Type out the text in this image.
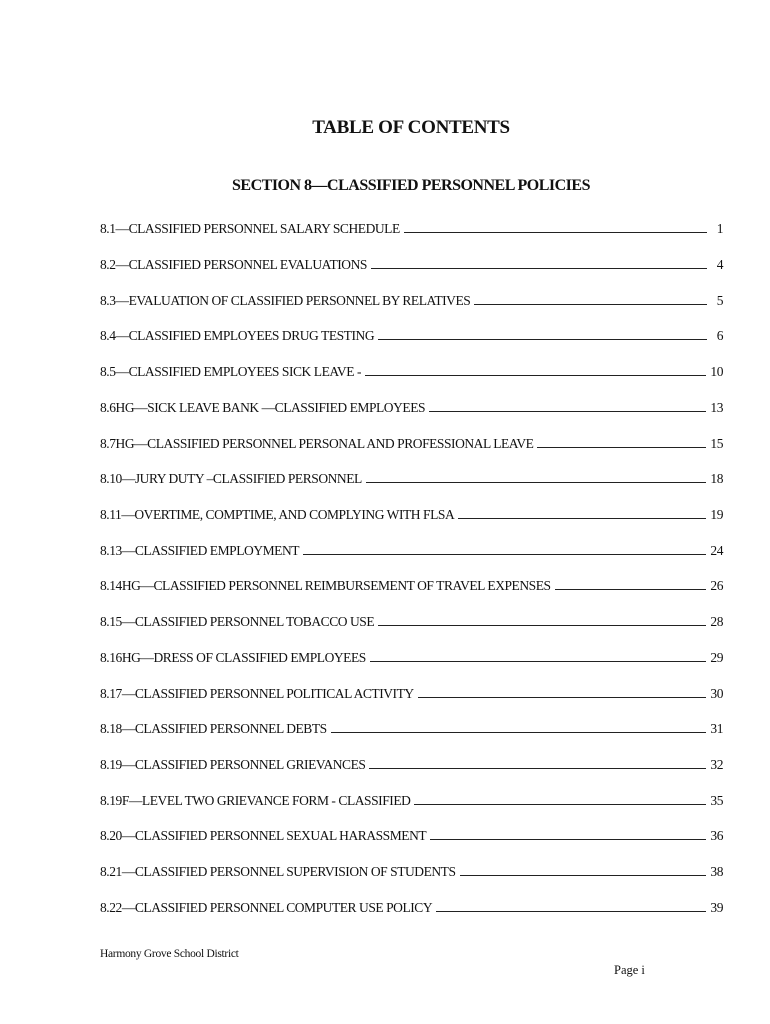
TABLE OF CONTENTS
SECTION 8—CLASSIFIED PERSONNEL POLICIES
8.1—CLASSIFIED PERSONNEL SALARY SCHEDULE	1
8.2—CLASSIFIED PERSONNEL EVALUATIONS	4
8.3—EVALUATION OF CLASSIFIED PERSONNEL BY RELATIVES	5
8.4—CLASSIFIED EMPLOYEES DRUG TESTING	6
8.5—CLASSIFIED EMPLOYEES SICK LEAVE -	10
8.6HG—SICK LEAVE BANK —CLASSIFIED EMPLOYEES	13
8.7HG—CLASSIFIED PERSONNEL PERSONAL AND PROFESSIONAL LEAVE	15
8.10—JURY DUTY –CLASSIFIED PERSONNEL	18
8.11—OVERTIME, COMPTIME, AND COMPLYING WITH FLSA	19
8.13—CLASSIFIED EMPLOYMENT	24
8.14HG—CLASSIFIED PERSONNEL REIMBURSEMENT OF TRAVEL EXPENSES	26
8.15—CLASSIFIED PERSONNEL TOBACCO USE	28
8.16HG—DRESS OF CLASSIFIED EMPLOYEES	29
8.17—CLASSIFIED PERSONNEL POLITICAL ACTIVITY	30
8.18—CLASSIFIED PERSONNEL DEBTS	31
8.19—CLASSIFIED PERSONNEL GRIEVANCES	32
8.19F—LEVEL TWO GRIEVANCE FORM - CLASSIFIED	35
8.20—CLASSIFIED PERSONNEL SEXUAL HARASSMENT	36
8.21—CLASSIFIED PERSONNEL SUPERVISION OF STUDENTS	38
8.22—CLASSIFIED PERSONNEL COMPUTER USE POLICY	39
Harmony Grove School District
Page i
